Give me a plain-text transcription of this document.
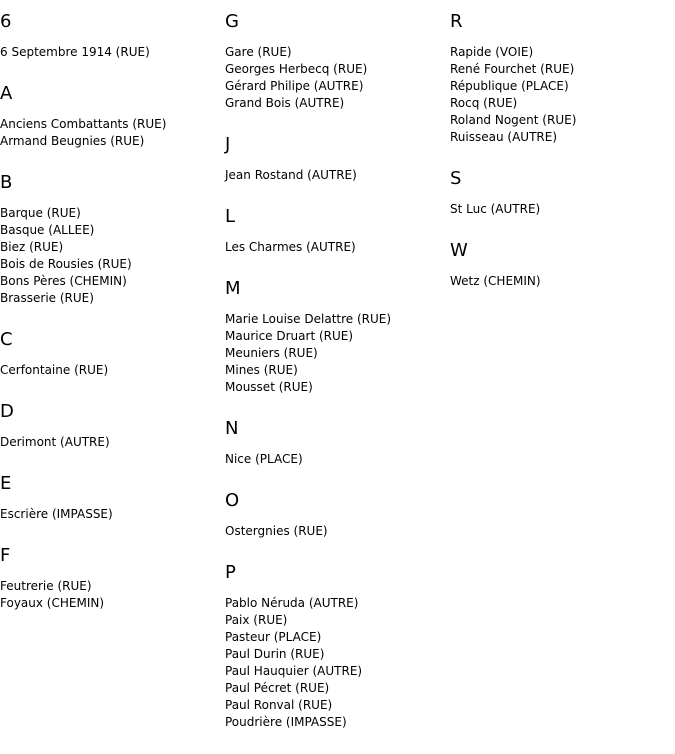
6
6 Septembre 1914 (RUE)
A
Anciens Combattants (RUE)
Armand Beugnies (RUE)
B
Barque (RUE)
Basque (ALLEE)
Biez (RUE)
Bois de Rousies (RUE)
Bons Pères (CHEMIN)
Brasserie (RUE)
C
Cerfontaine (RUE)
D
Derimont (AUTRE)
E
Escrière (IMPASSE)
F
Feutrerie (RUE)
Foyaux (CHEMIN)
G
Gare (RUE)
Georges Herbecq (RUE)
Gérard Philipe (AUTRE)
Grand Bois (AUTRE)
J
Jean Rostand (AUTRE)
L
Les Charmes (AUTRE)
M
Marie Louise Delattre (RUE)
Maurice Druart (RUE)
Meuniers (RUE)
Mines (RUE)
Mousset (RUE)
N
Nice (PLACE)
O
Ostergnies (RUE)
P
Pablo Néruda (AUTRE)
Paix (RUE)
Pasteur (PLACE)
Paul Durin (RUE)
Paul Hauquier (AUTRE)
Paul Pécret (RUE)
Paul Ronval (RUE)
Poudrière (IMPASSE)
R
Rapide (VOIE)
René Fourchet (RUE)
République (PLACE)
Rocq (RUE)
Roland Nogent (RUE)
Ruisseau (AUTRE)
S
St Luc (AUTRE)
W
Wetz (CHEMIN)
